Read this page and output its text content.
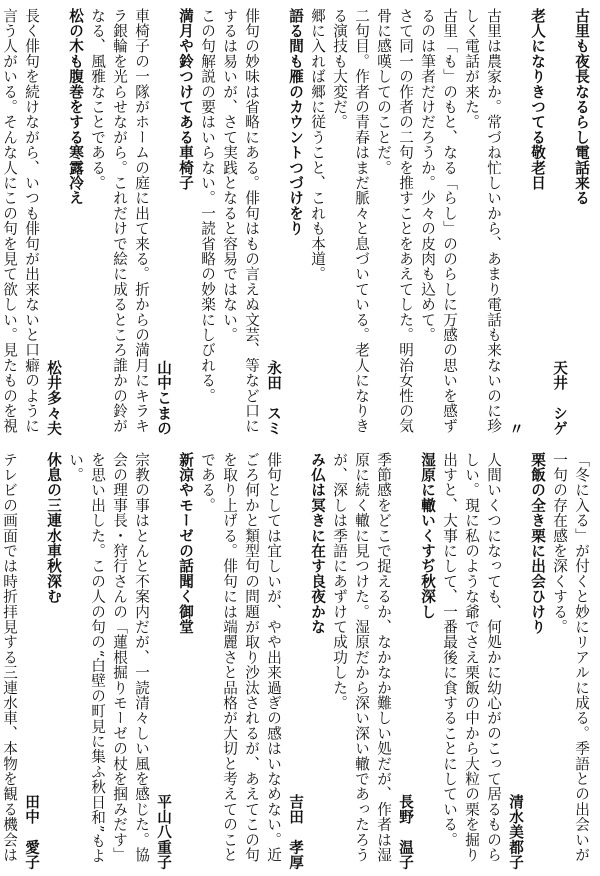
古里も夜長なるらし電話来る
天井　シゲ
老人になりきつてる敬老日
〃
古里は農家か。常づね忙しいから、あまり電話も来ないのに珍しく電話が来た。
古里「も」のもと、なる「らし」ののらしに万感の思いを感ずるのは筆者だけだろうか。少々の皮肉も込めて。
さて同一の作者の二句を推すことをあえてした。明治女性の気骨に感嘆してのことだ。
二句目。作者の青春はまだ脈々と息づいている。老人になりきる演技も大変だ。
郷に入れば郷に従うこと、これも本道。
語る間も雁のカウントつづけをり
永田　スミ
俳句の妙味は省略にある。俳句はもの言えぬ文芸、等など口にするは易いが、さて実践となると容易ではない。
この句解説の要はいらない。一読省略の妙楽にしびれる。
満月や鈴つけてある車椅子
山中こまの
車椅子の一隊がホームの庭に出て来る。折からの満月にキラキラ銀輪を光らせながら。これだけで絵に成るところ誰かの鈴がなる、風雅なことである。
松の木も腹巻をする寒露冷え
松井多々夫
長く俳句を続けながら、いつも俳句が出来ないと口癖のように言う人がいる。そんな人にこの句を見て欲しい。見たものを視
「冬に入る」が付くと妙にリアルに成る。季語との出会いが一句の存在感を深くする。
栗飯の全き栗に出会ひけり
清水美都子
人間いくつになっても、何処かに幼心がのこって居るものらしい。現に私のような爺でさえ栗飯の中から大粒の栗を掘り出すと、大事にして、一番最後に食することにしている。
湿原に轍いくすぢ秋深し
長野　温子
季節感をどこで捉えるか、なかなか難しい処だが、作者は湿原に続く轍に見つけた。湿原だから深い深い轍であったろうが、深しは季語にあずけて成功した。
み仏は冥きに在す良夜かな
吉田　孝厚
俳句としては宜しいが、やや出来過ぎの感はいなめない。近ごろ何かと類型句の問題が取り沙汰されるが、あえてこの句を取り上げる。俳句には端麗さと品格が大切と考えてのことである。
新涼やモーゼの話聞く御堂
平山八重子
宗教の事はとんと不案内だが、一読清々しい風を感じた。協会の理事長・狩行さんの「蓮根掘りモーゼの杖を掴みだす」を思い出した。この人の句の“白壁の町見に集ふ秋日和”もよい。
休息の三連水車秋深む
田中　愛子
テレビの画面では時折拝見する三連水車、本物を観る機会は
